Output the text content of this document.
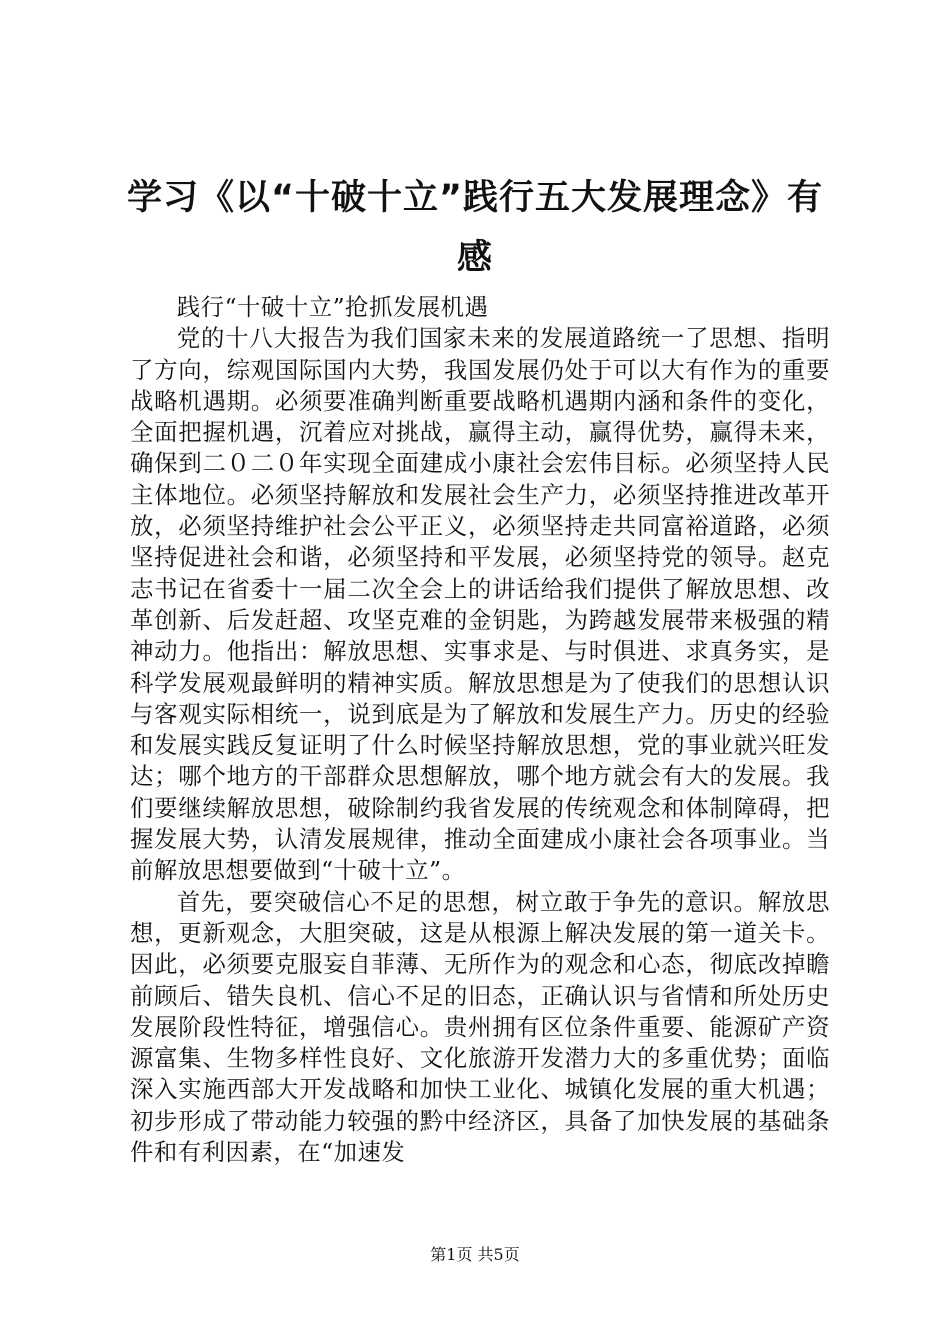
学习《以“十破十立”践行五大发展理念》有
感

践行“十破十立”抢抓发展机遇

党的十八大报告为我们国家未来的发展道路统一了思想、指明了方向，综观国际国内大势，我国发展仍处于可以大有作为的重要战略机遇期。必须要准确判断重要战略机遇期内涵和条件的变化，全面把握机遇，沉着应对挑战，赢得主动，赢得优势，赢得未来，确保到二０二０年实现全面建成小康社会宏伟目标。必须坚持人民主体地位。必须坚持解放和发展社会生产力，必须坚持推进改革开放，必须坚持维护社会公平正义，必须坚持走共同富裕道路，必须坚持促进社会和谐，必须坚持和平发展，必须坚持党的领导。赵克志书记在省委十一届二次全会上的讲话给我们提供了解放思想、改革创新、后发赶超、攻坚克难的金钥匙，为跨越发展带来极强的精神动力。他指出：解放思想、实事求是、与时俱进、求真务实，是科学发展观最鲜明的精神实质。解放思想是为了使我们的思想认识与客观实际相统一，说到底是为了解放和发展生产力。历史的经验和发展实践反复证明了什么时候坚持解放思想，党的事业就兴旺发达；哪个地方的干部群众思想解放，哪个地方就会有大的发展。我们要继续解放思想，破除制约我省发展的传统观念和体制障碍，把握发展大势，认清发展规律，推动全面建成小康社会各项事业。当前解放思想要做到“十破十立”。

首先，要突破信心不足的思想，树立敢于争先的意识。解放思想，更新观念，大胆突破，这是从根源上解决发展的第一道关卡。因此，必须要克服妄自菲薄、无所作为的观念和心态，彻底改掉瞻前顾后、错失良机、信心不足的旧态，正确认识与省情和所处历史发展阶段性特征，增强信心。贵州拥有区位条件重要、能源矿产资源富集、生物多样性良好、文化旅游开发潜力大的多重优势；面临深入实施西部大开发战略和加快工业化、城镇化发展的重大机遇；初步形成了带动能力较强的黔中经济区，具备了加快发展的基础条件和有利因素，在“加速发

第1页 共5页
